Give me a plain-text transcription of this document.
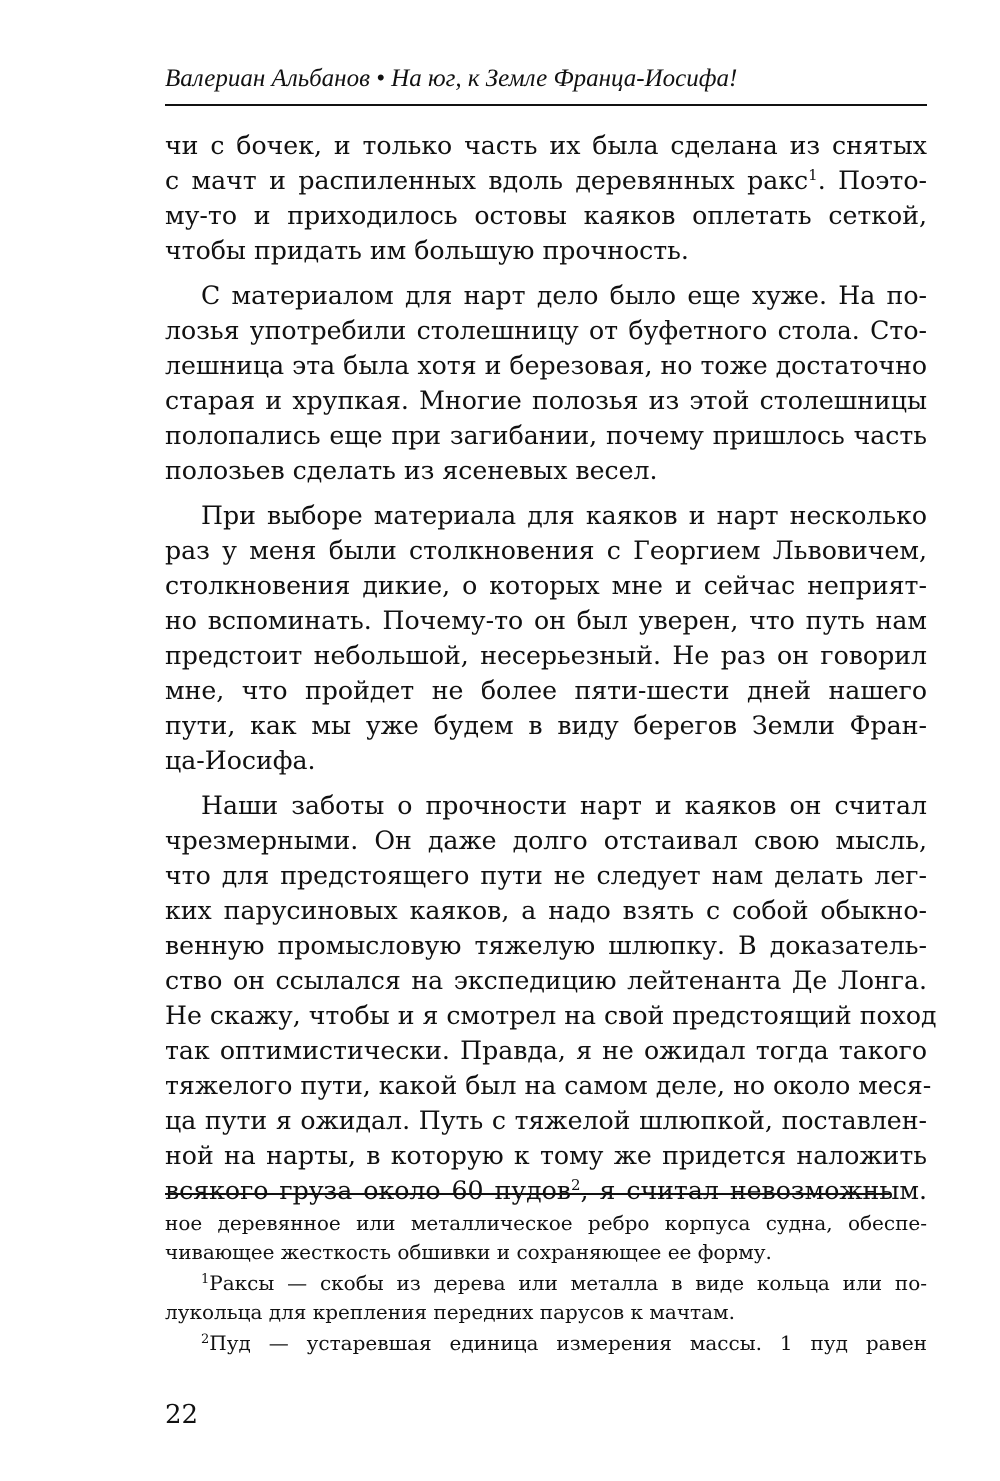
Валериан Альбанов • На юг, к Земле Франца-Иосифа!
чи с бочек, и только часть их была сделана из снятых
с мачт и распиленных вдоль деревянных ракс$^1$. Поэто-
му-то и приходилось остовы каяков оплетать сеткой,
чтобы придать им большую прочность.
С материалом для нарт дело было еще хуже. На по-
лозья употребили столешницу от буфетного стола. Сто-
лешница эта была хотя и березовая, но тоже достаточно
старая и хрупкая. Многие полозья из этой столешницы
полопались еще при загибании, почему пришлось часть
полозьев сделать из ясеневых весел.
При выборе материала для каяков и нарт несколько
раз у меня были столкновения с Георгием Львовичем,
столкновения дикие, о которых мне и сейчас неприят-
но вспоминать. Почему-то он был уверен, что путь нам
предстоит небольшой, несерьезный. Не раз он говорил
мне, что пройдет не более пяти-шести дней нашего
пути, как мы уже будем в виду берегов Земли Фран-
ца-Иосифа.
Наши заботы о прочности нарт и каяков он считал
чрезмерными. Он даже долго отстаивал свою мысль,
что для предстоящего пути не следует нам делать лег-
ких парусиновых каяков, а надо взять с собой обыкно-
венную промысловую тяжелую шлюпку. В доказатель-
ство он ссылался на экспедицию лейтенанта Де Лонга.
Не скажу, чтобы и я смотрел на свой предстоящий поход
так оптимистически. Правда, я не ожидал тогда такого
тяжелого пути, какой был на самом деле, но около меся-
ца пути я ожидал. Путь с тяжелой шлюпкой, поставлен-
ной на нарты, в которую к тому же придется наложить
всякого груза около 60 пудов$^2$, я считал невозможным.
ное деревянное или металлическое ребро корпуса судна, обеспе-
чивающее жесткость обшивки и сохраняющее ее форму.
$^1$Раксы — скобы из дерева или металла в виде кольца или по-
лукольца для крепления передних парусов к мачтам.
$^2$Пуд — устаревшая единица измерения массы. 1 пуд равен
22
